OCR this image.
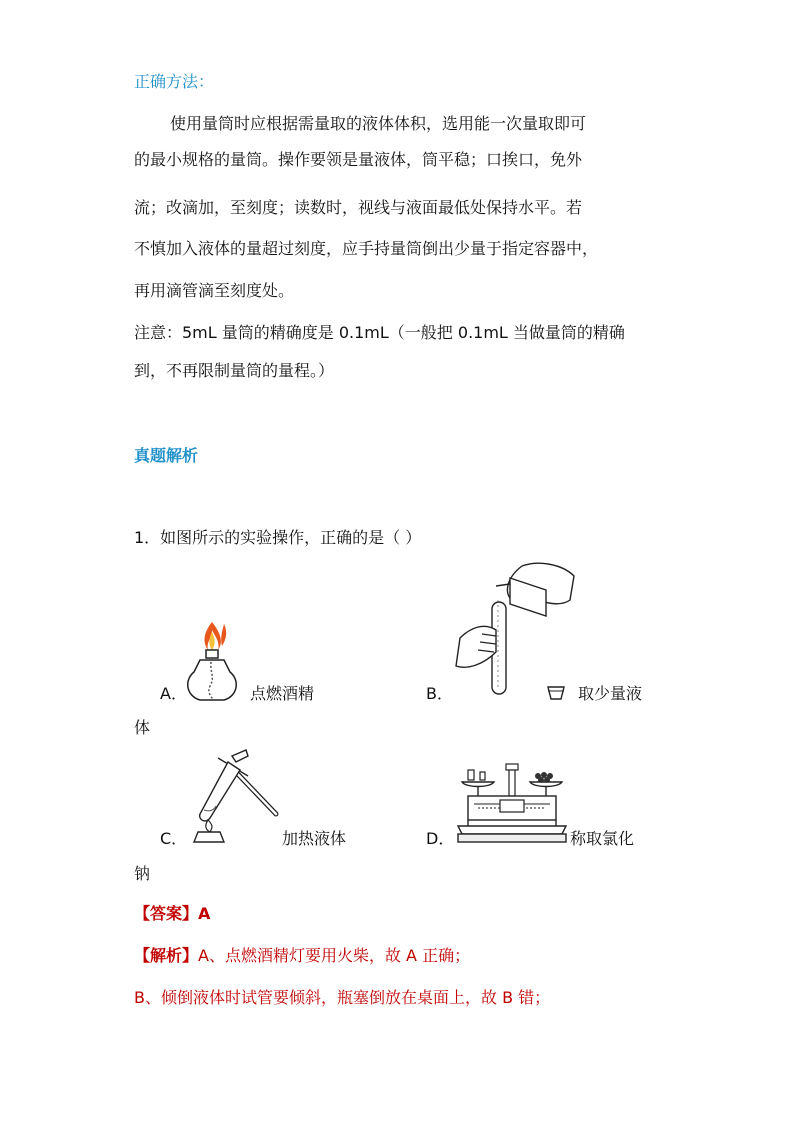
正确方法：
使用量筒时应根据需量取的液体体积，选用能一次量取即可
的最小规格的量筒。操作要领是量液体，筒平稳；口挨口，免外
流；改滴加，至刻度；读数时，视线与液面最低处保持水平。若
不慎加入液体的量超过刻度，应手持量筒倒出少量于指定容器中，
再用滴管滴至刻度处。
注意：5mL 量筒的精确度是 0.1mL（一般把 0.1mL 当做量筒的精确
到，不再限制量筒的量程。）
真题解析
1．如图所示的实验操作，正确的是（ ）
A．	点燃酒精
体
B．	取少量液
C．	加热液体
钠
D．	称取氯化
【答案】A
【解析】A、点燃酒精灯要用火柴，故 A 正确；
B、倾倒液体时试管要倾斜，瓶塞倒放在桌面上，故 B 错；
